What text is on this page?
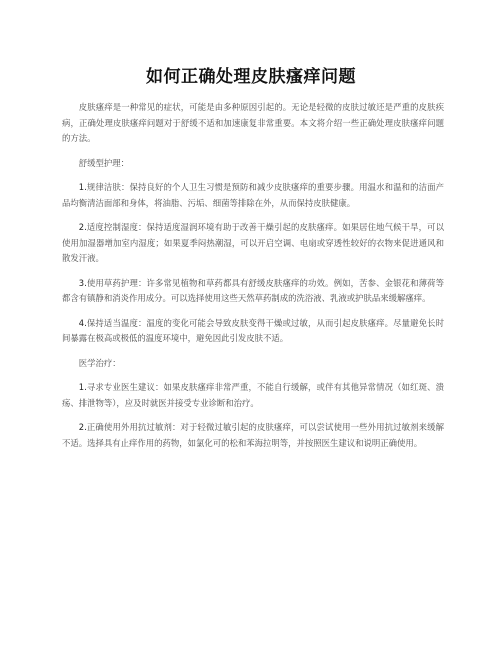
如何正确处理皮肤瘙痒问题

皮肤瘙痒是一种常见的症状，可能是由多种原因引起的。无论是轻微的皮肤过敏还是严重的皮肤疾病，正确处理皮肤瘙痒问题对于舒缓不适和加速康复非常重要。本文将介绍一些正确处理皮肤瘙痒问题的方法。

舒缓型护理：

1.规律洁肤：保持良好的个人卫生习惯是预防和减少皮肤瘙痒的重要步骤。用温水和温和的洁面产品均衡清洁面部和身体，将油脂、污垢、细菌等排除在外，从而保持皮肤健康。

2.适度控制湿度：保持适度湿润环境有助于改善干燥引起的皮肤瘙痒。如果居住地气候干旱，可以使用加湿器增加室内湿度；如果夏季闷热潮湿，可以开启空调、电扇或穿透性较好的衣物来促进通风和散发汗液。

3.使用草药护理：许多常见植物和草药都具有舒缓皮肤瘙痒的功效。例如，苦参、金银花和薄荷等都含有镇静和消炎作用成分。可以选择使用这些天然草药制成的洗浴液、乳液或护肤品来缓解瘙痒。

4.保持适当温度：温度的变化可能会导致皮肤变得干燥或过敏，从而引起皮肤瘙痒。尽量避免长时间暴露在极高或极低的温度环境中，避免因此引发皮肤不适。

医学治疗：

1.寻求专业医生建议：如果皮肤瘙痒非常严重，不能自行缓解，或伴有其他异常情况（如红斑、溃疡、排泄物等），应及时就医并接受专业诊断和治疗。

2.正确使用外用抗过敏剂：对于轻微过敏引起的皮肤瘙痒，可以尝试使用一些外用抗过敏剂来缓解不适。选择具有止痒作用的药物，如氯化可的松和苯海拉明等，并按照医生建议和说明正确使用。
